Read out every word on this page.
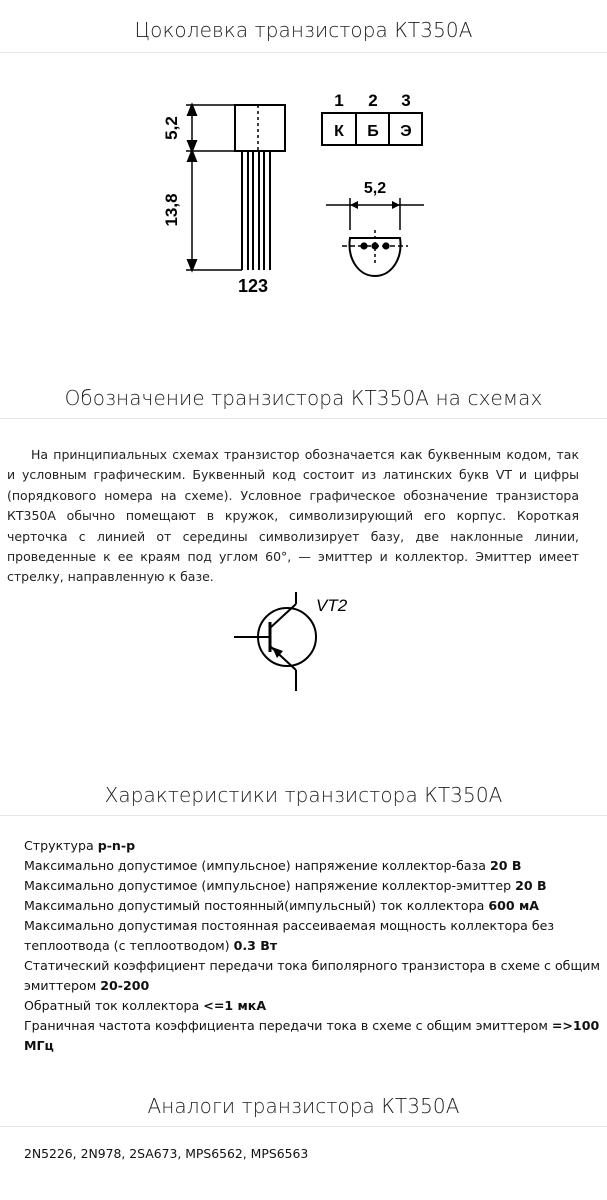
Цоколевка транзистора КТ350А
5,2
13,8
123
1 2 3
К Б Э
5,2
Обозначение транзистора КТ350А на схемах

На принципиальных схемах транзистор обозначается как буквенным кодом, так и условным графическим. Буквенный код состоит из латинских букв VT и цифры (порядкового номера на схеме). Условное графическое обозначение транзистора КТ350А обычно помещают в кружок, символизирующий его корпус. Короткая черточка с линией от середины символизирует базу, две наклонные линии, проведенные к ее краям под углом 60°, — эмиттер и коллектор. Эмиттер имеет стрелку, направленную к базе.

VT2
Характеристики транзистора КТ350А
Структура p-n-p
Максимально допустимое (импульсное) напряжение коллектор-база 20 В
Максимально допустимое (импульсное) напряжение коллектор-эмиттер 20 В
Максимально допустимый постоянный(импульсный) ток коллектора 600 мА
Максимально допустимая постоянная рассеиваемая мощность коллектора без теплоотвода (с теплоотводом) 0.3 Вт
Статический коэффициент передачи тока биполярного транзистора в схеме с общим эмиттером 20-200
Обратный ток коллектора <=1 мкА
Граничная частота коэффициента передачи тока в схеме с общим эмиттером =>100 МГц
Аналоги транзистора КТ350А

2N5226, 2N978, 2SA673, MPS6562, MPS6563
